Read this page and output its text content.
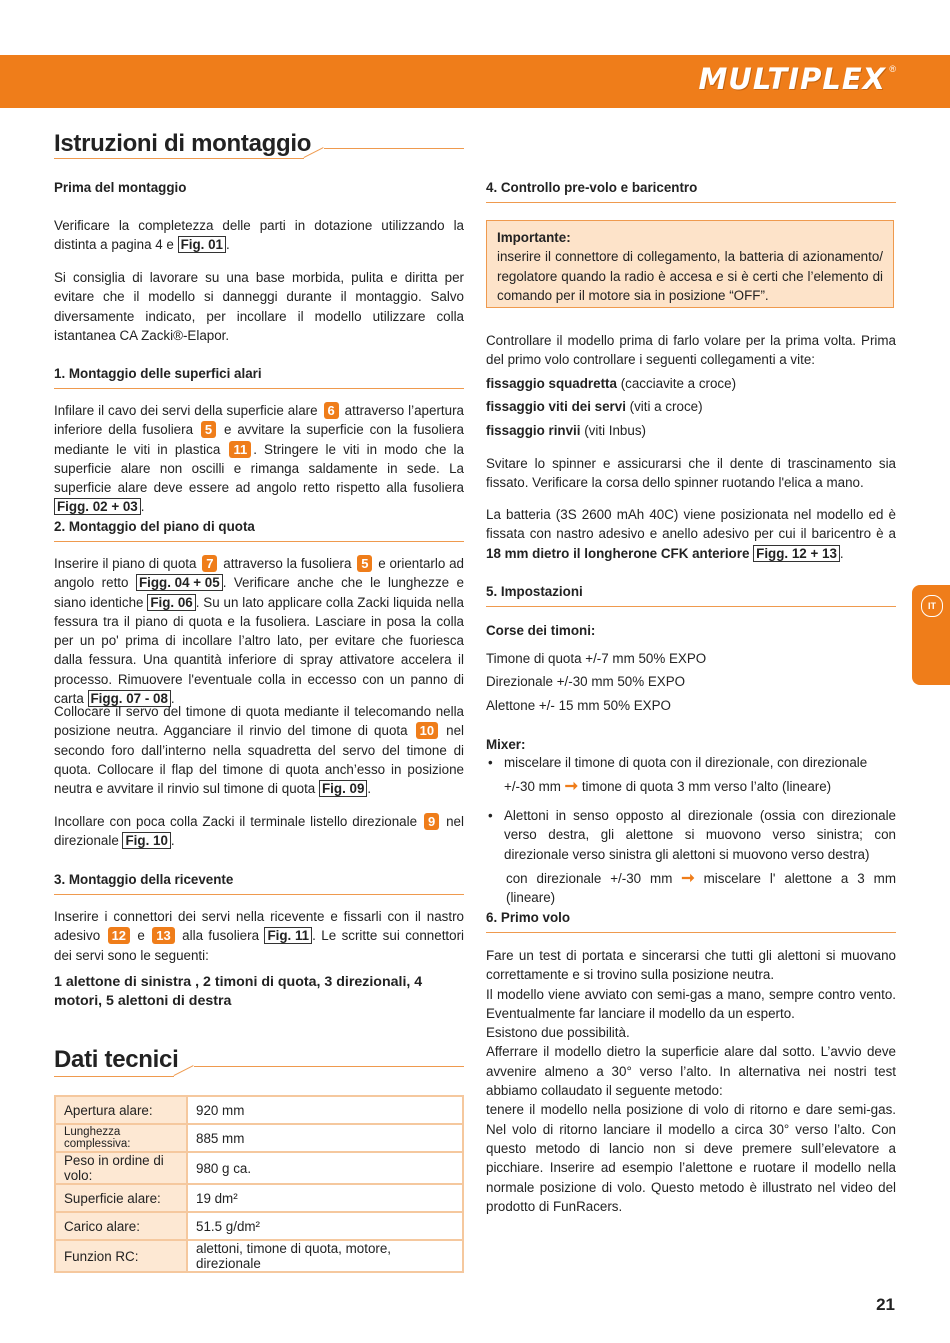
MULTIPLEX ®
Istruzioni di montaggio

Prima del montaggio

Verificare la completezza delle parti in dotazione utilizzando la distinta a pagina 4 e Fig. 01 .

Si consiglia di lavorare su una base morbida, pulita e diritta per evitare che il modello si danneggi durante il montaggio. Salvo diversamente indicato, per incollare il modello utilizzare colla istantanea CA Zacki®-Elapor.

1. Montaggio delle superfici alari

Infilare il cavo dei servi della superficie alare 6 attraverso l’apertura inferiore della fusoliera 5 e avvitare la superficie con la fusoliera mediante le viti in plastica 11 . Stringere le viti in modo che la superficie alare non oscilli e rimanga saldamente in sede. La superficie alare deve essere ad angolo retto rispetto alla fusoliera Figg. 02 + 03 .

2. Montaggio del piano di quota

Inserire il piano di quota 7 attraverso la fusoliera 5 e orientarlo ad angolo retto Figg. 04 + 05 . Verificare anche che le lunghezze e siano identiche Fig. 06 . Su un lato applicare colla Zacki liquida nella fessura tra il piano di quota e la fusoliera. Lasciare in posa la colla per un po' prima di incollare l’altro lato, per evitare che fuoriesca dalla fessura. Una quantità inferiore di spray attivatore accelera il processo. Rimuovere l'eventuale colla in eccesso con un panno di carta Figg. 07 - 08 .

Collocare il servo del timone di quota mediante il telecomando nella posizione neutra. Agganciare il rinvio del timone di quota 10 nel secondo foro dall’interno nella squadretta del servo del timone di quota. Collocare il flap del timone di quota anch’esso in posizione neutra e avvitare il rinvio sul timone di quota Fig. 09 .

Incollare con poca colla Zacki il terminale listello direzionale 9 nel direzionale Fig. 10 .

3. Montaggio della ricevente

Inserire i connettori dei servi nella ricevente e fissarli con il nastro adesivo 12 e 13 alla fusoliera Fig. 11 . Le scritte sui connettori dei servi sono le seguenti:

1 alettone di sinistra , 2 timoni di quota, 3 direzionali, 4 motori, 5 alettoni di destra

Dati tecnici
Apertura alare:	920 mm
Lunghezza complessiva:	885 mm
Peso in ordine di volo:	980 g ca.
Superficie alare:	19 dm²
Carico alare:	51.5 g/dm²
Funzion RC:	alettoni, timone di quota, motore, direzionale

4. Controllo pre-volo e baricentro

Importante:
inserire il connettore di collegamento, la batteria di azionamento/ regolatore quando la radio è accesa e si è certi che l’elemento di comando per il motore sia in posizione “OFF”.

Controllare il modello prima di farlo volare per la prima volta. Prima del primo volo controllare i seguenti collegamenti a vite:

fissaggio squadretta (cacciavite a croce)

fissaggio viti dei servi (viti a croce)

fissaggio rinvii (viti Inbus)

Svitare lo spinner e assicurarsi che il dente di trascinamento sia fissato. Verificare la corsa dello spinner ruotando l'elica a mano.

La batteria (3S 2600 mAh 40C) viene posizionata nel modello ed è fissata con nastro adesivo e anello adesivo per cui il baricentro è a 18 mm dietro il longherone CFK anteriore Figg. 12 + 13 .

5. Impostazioni

Corse dei timoni:

Timone di quota +/-7 mm 50% EXPO

Direzionale +/-30 mm 50% EXPO

Alettone +/- 15 mm 50% EXPO

Mixer:

• miscelare il timone di quota con il direzionale, con direzionale

+/-30 mm ➞ timone di quota 3 mm verso l’alto (lineare)

• Alettoni in senso opposto al direzionale (ossia con direzionale verso destra, gli alettone si muovono verso sinistra; con direzionale verso sinistra gli alettoni si muovono verso destra)

con direzionale +/-30 mm ➞ miscelare l' alettone a 3 mm (lineare)

6. Primo volo

Fare un test di portata e sincerarsi che tutti gli alettoni si muovano correttamente e si trovino sulla posizione neutra.
Il modello viene avviato con semi-gas a mano, sempre contro vento. Eventualmente far lanciare il modello da un esperto.
Esistono due possibilità.
Afferrare il modello dietro la superficie alare dal sotto. L’avvio deve avvenire almeno a 30° verso l’alto. In alternativa nei nostri test abbiamo collaudato il seguente metodo:
tenere il modello nella posizione di volo di ritorno e dare semi-gas. Nel volo di ritorno lanciare il modello a circa 30° verso l’alto. Con questo metodo di lancio non si deve premere sull’elevatore a picchiare. Inserire ad esempio l’alettone e ruotare il modello nella normale posizione di volo. Questo metodo è illustrato nel video del prodotto di FunRacers.

IT
21
